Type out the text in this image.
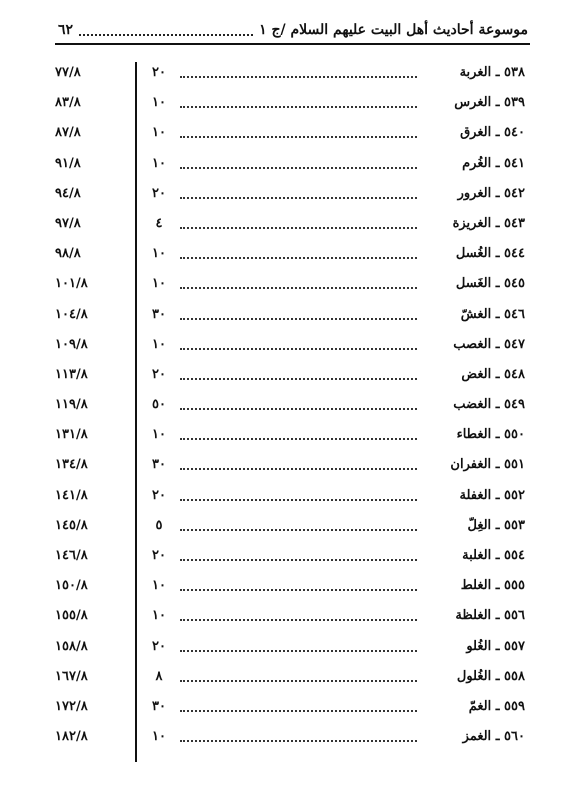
موسوعة أحاديث أهل البيت عليهم السلام /ج ١
٦٢
٥٣٨ ـ الغربة
٢٠
٧٧/٨
٥٣٩ ـ الغرس
١٠
٨٣/٨
٥٤٠ ـ الغرق
١٠
٨٧/٨
٥٤١ ـ الغُرم
١٠
٩١/٨
٥٤٢ ـ الغرور
٢٠
٩٤/٨
٥٤٣ ـ الغريزة
٤
٩٧/٨
٥٤٤ ـ الغُسل
١٠
٩٨/٨
٥٤٥ ـ الغَسل
١٠
١٠١/٨
٥٤٦ ـ الغشّ
٣٠
١٠٤/٨
٥٤٧ ـ الغصب
١٠
١٠٩/٨
٥٤٨ ـ الغض
٢٠
١١٣/٨
٥٤٩ ـ الغضب
٥٠
١١٩/٨
٥٥٠ ـ الغطاء
١٠
١٣١/٨
٥٥١ ـ الغفران
٣٠
١٣٤/٨
٥٥٢ ـ الغفلة
٢٠
١٤١/٨
٥٥٣ ـ الغِلّ
٥
١٤٥/٨
٥٥٤ ـ الغلبة
٢٠
١٤٦/٨
٥٥٥ ـ الغلط
١٠
١٥٠/٨
٥٥٦ ـ الغلظة
١٠
١٥٥/٨
٥٥٧ ـ الغُلو
٢٠
١٥٨/٨
٥٥٨ ـ الغُلول
٨
١٦٧/٨
٥٥٩ ـ الغمّ
٣٠
١٧٢/٨
٥٦٠ ـ الغمز
١٠
١٨٢/٨
